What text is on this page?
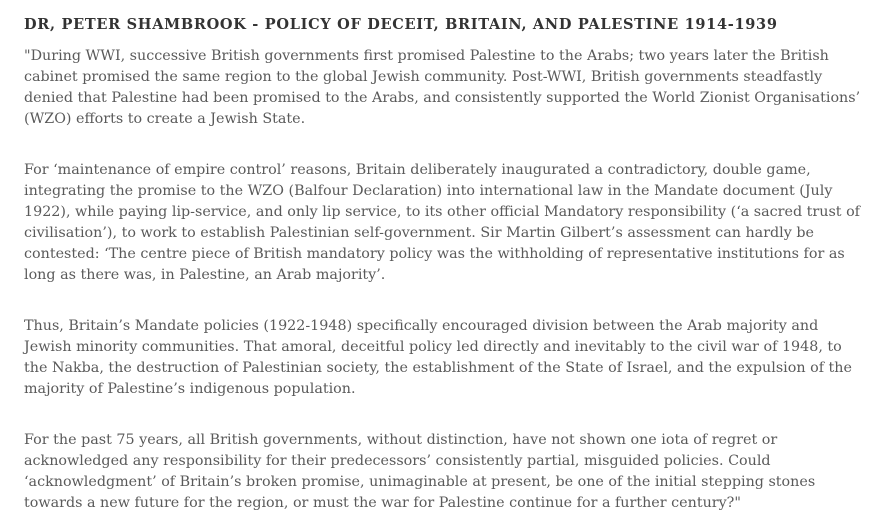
DR, PETER SHAMBROOK - POLICY OF DECEIT, BRITAIN, AND PALESTINE 1914-1939

"During WWI, successive British governments first promised Palestine to the Arabs; two years later the British cabinet promised the same region to the global Jewish community. Post-WWI, British governments steadfastly denied that Palestine had been promised to the Arabs, and consistently supported the World Zionist Organisations’ (WZO) efforts to create a Jewish State.

For ‘maintenance of empire control’ reasons, Britain deliberately inaugurated a contradictory, double game, integrating the promise to the WZO (Balfour Declaration) into international law in the Mandate document (July 1922), while paying lip-service, and only lip service, to its other official Mandatory responsibility (‘a sacred trust of civilisation’), to work to establish Palestinian self-government. Sir Martin Gilbert’s assessment can hardly be contested: ‘The centre piece of British mandatory policy was the withholding of representative institutions for as long as there was, in Palestine, an Arab majority’.

Thus, Britain’s Mandate policies (1922-1948) specifically encouraged division between the Arab majority and Jewish minority communities. That amoral, deceitful policy led directly and inevitably to the civil war of 1948, to the Nakba, the destruction of Palestinian society, the establishment of the State of Israel, and the expulsion of the majority of Palestine’s indigenous population.

For the past 75 years, all British governments, without distinction, have not shown one iota of regret or acknowledged any responsibility for their predecessors’ consistently partial, misguided policies. Could ‘acknowledgment’ of Britain’s broken promise, unimaginable at present, be one of the initial stepping stones towards a new future for the region, or must the war for Palestine continue for a further century?"
